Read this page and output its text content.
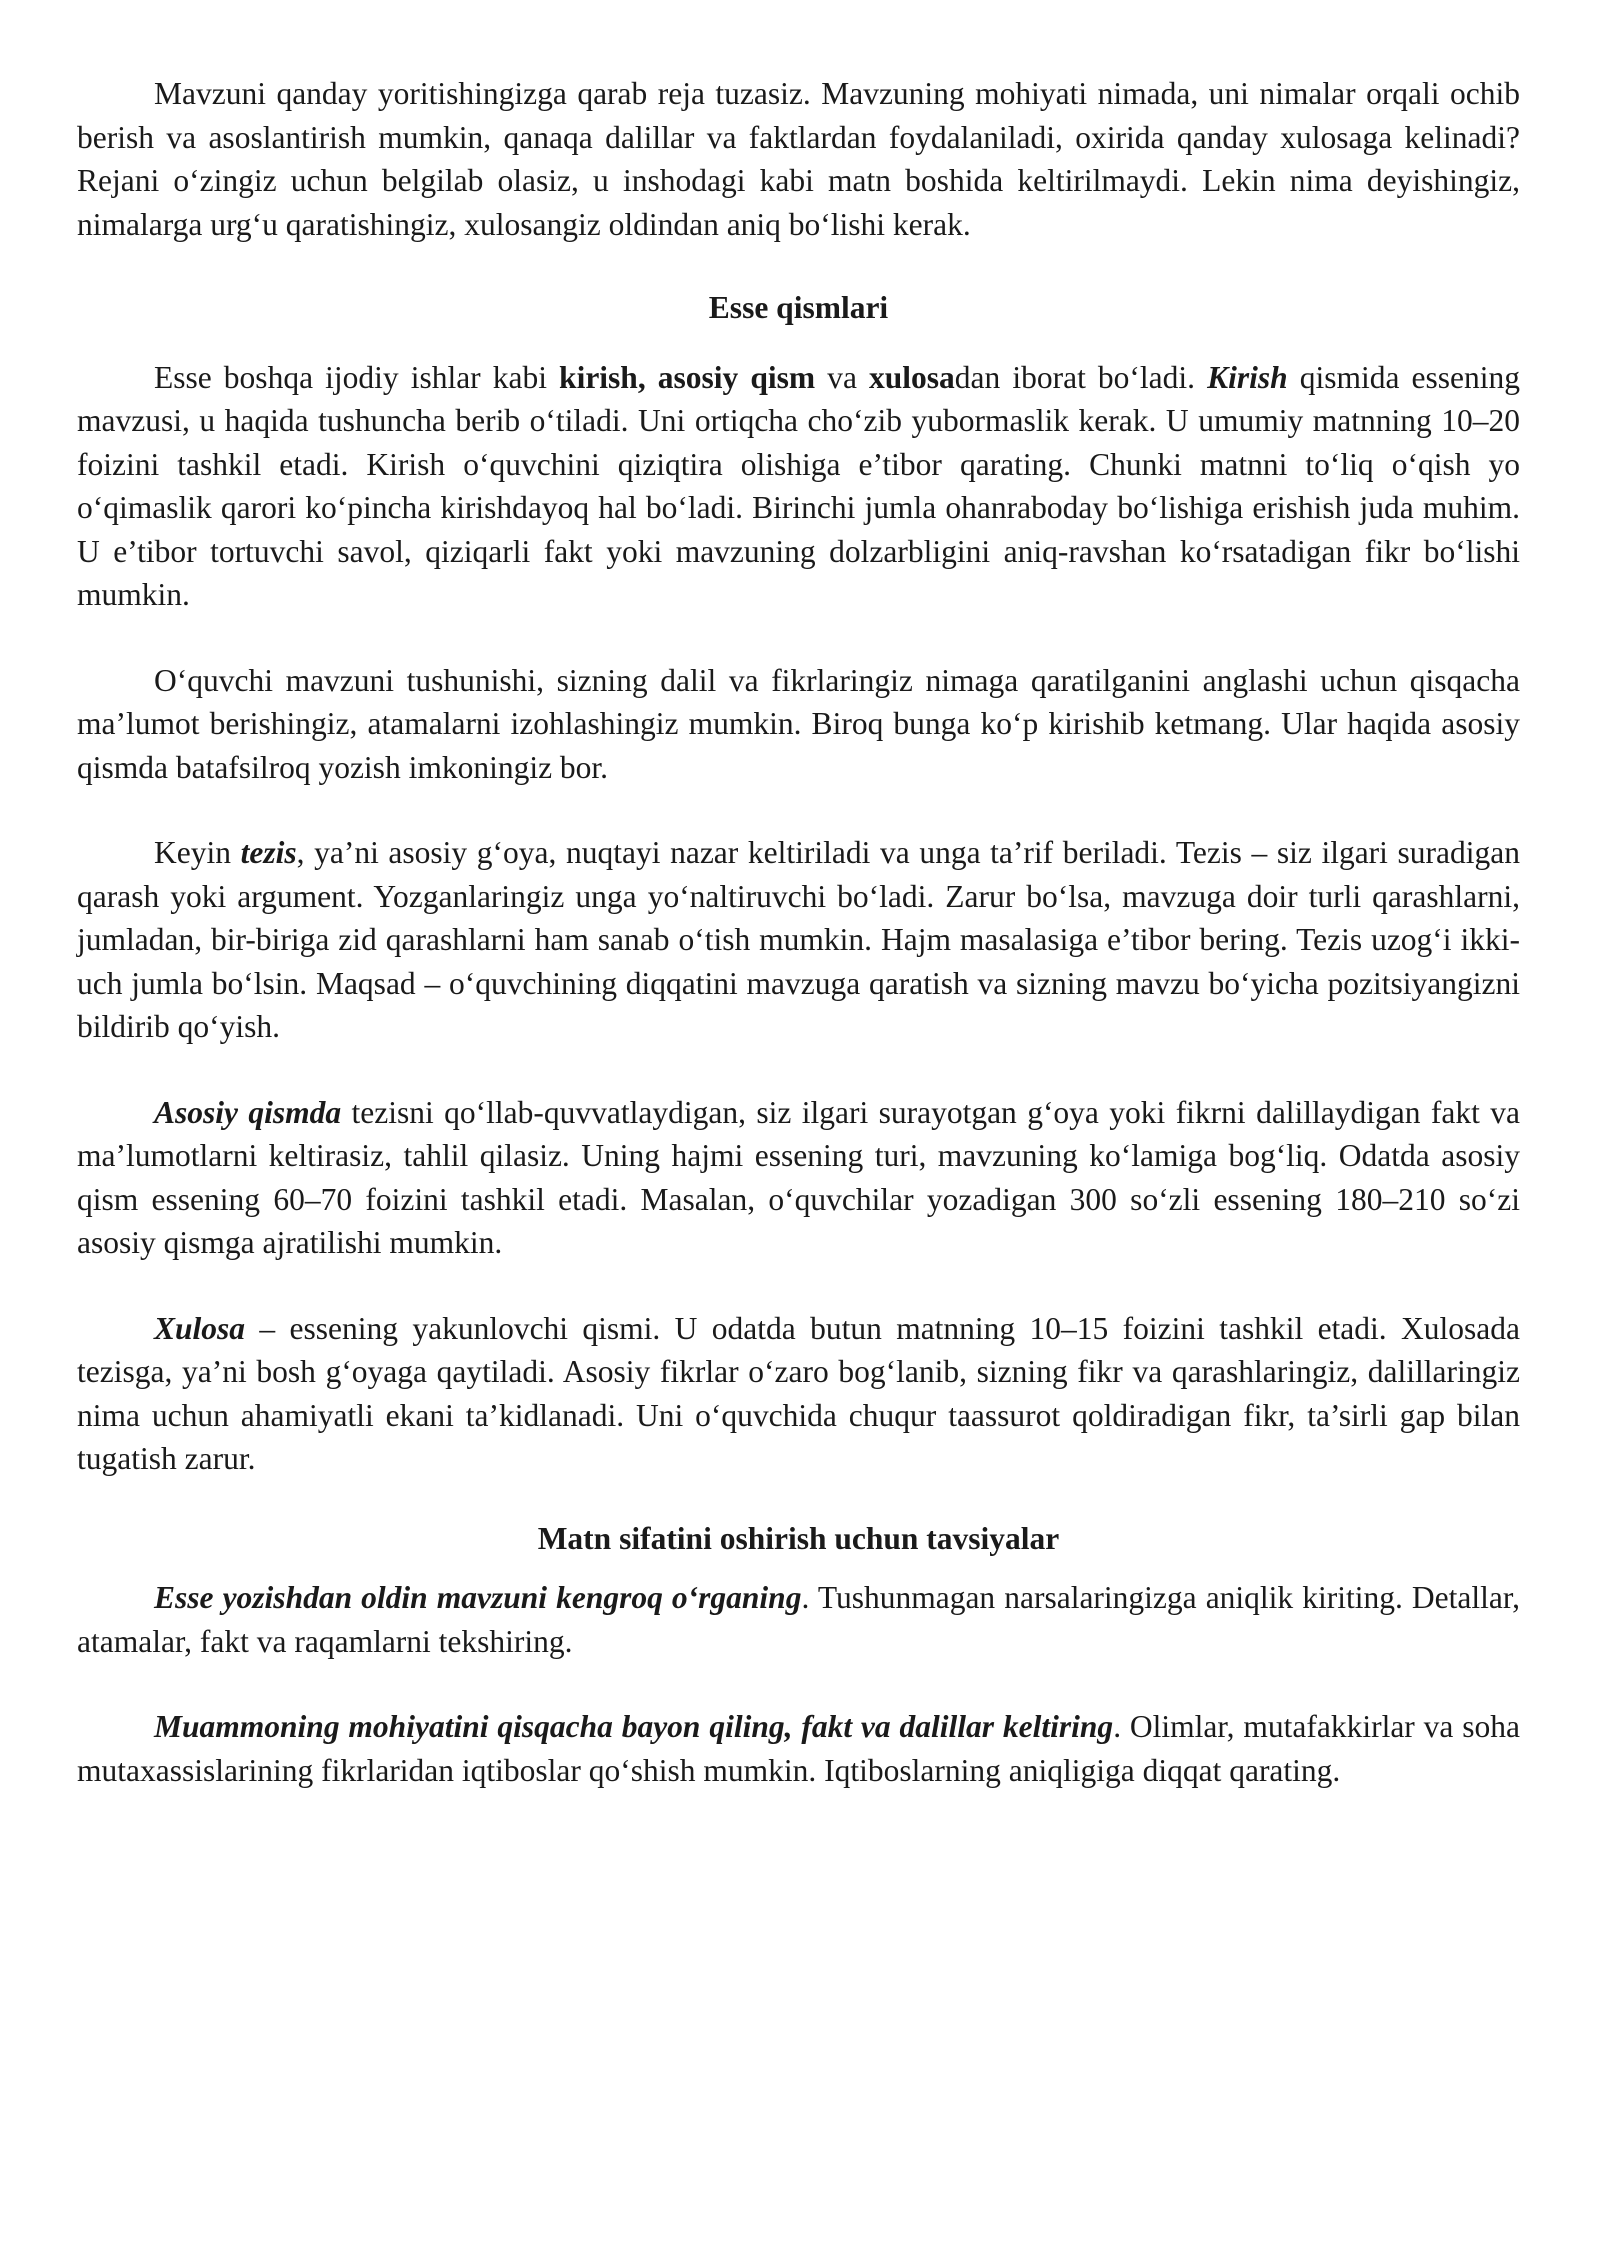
Mavzuni qanday yoritishingizga qarab reja tuzasiz. Mavzuning mohiyati nimada, uni nimalar orqali ochib berish va asoslantirish mumkin, qanaqa dalillar va faktlardan foydalaniladi, oxirida qanday xulosaga kelinadi? Rejani o‘zingiz uchun belgilab olasiz, u inshodagi kabi matn boshida keltirilmaydi. Lekin nima deyishingiz, nimalarga urg‘u qaratishingiz, xulosangiz oldindan aniq bo‘lishi kerak.

Esse qismlari

Esse boshqa ijodiy ishlar kabi kirish, asosiy qism va xulosadan iborat bo‘ladi. Kirish qismida essening mavzusi, u haqida tushuncha berib o‘tiladi. Uni ortiqcha cho‘zib yubormaslik kerak. U umumiy matnning 10–20 foizini tashkil etadi. Kirish o‘quvchini qiziqtira olishiga e’tibor qarating. Chunki matnni to‘liq o‘qish yo o‘qimaslik qarori ko‘pincha kirishdayoq hal bo‘ladi. Birinchi jumla ohanraboday bo‘lishiga erishish juda muhim. U e’tibor tortuvchi savol, qiziqarli fakt yoki mavzuning dolzarbligini aniq-ravshan ko‘rsatadigan fikr bo‘lishi mumkin.

O‘quvchi mavzuni tushunishi, sizning dalil va fikrlaringiz nimaga qaratilganini anglashi uchun qisqacha ma’lumot berishingiz, atamalarni izohlashingiz mumkin. Biroq bunga ko‘p kirishib ketmang. Ular haqida asosiy qismda batafsilroq yozish imkoningiz bor.

Keyin tezis, ya’ni asosiy g‘oya, nuqtayi nazar keltiriladi va unga ta’rif beriladi. Tezis – siz ilgari suradigan qarash yoki argument. Yozganlaringiz unga yo‘naltiruvchi bo‘ladi. Zarur bo‘lsa, mavzuga doir turli qarashlarni, jumladan, bir-biriga zid qarashlarni ham sanab o‘tish mumkin. Hajm masalasiga e’tibor bering. Tezis uzog‘i ikki-uch jumla bo‘lsin. Maqsad – o‘quvchining diqqatini mavzuga qaratish va sizning mavzu bo‘yicha pozitsiyangizni bildirib qo‘yish.

Asosiy qismda tezisni qo‘llab-quvvatlaydigan, siz ilgari surayotgan g‘oya yoki fikrni dalillaydigan fakt va ma’lumotlarni keltirasiz, tahlil qilasiz. Uning hajmi essening turi, mavzuning ko‘lamiga bog‘liq. Odatda asosiy qism essening 60–70 foizini tashkil etadi. Masalan, o‘quvchilar yozadigan 300 so‘zli essening 180–210 so‘zi asosiy qismga ajratilishi mumkin.

Xulosa – essening yakunlovchi qismi. U odatda butun matnning 10–15 foizini tashkil etadi. Xulosada tezisga, ya’ni bosh g‘oyaga qaytiladi. Asosiy fikrlar o‘zaro bog‘lanib, sizning fikr va qarashlaringiz, dalillaringiz nima uchun ahamiyatli ekani ta’kidlanadi. Uni o‘quvchida chuqur taassurot qoldiradigan fikr, ta’sirli gap bilan tugatish zarur.

Matn sifatini oshirish uchun tavsiyalar

Esse yozishdan oldin mavzuni kengroq o‘rganing. Tushunmagan narsalaringizga aniqlik kiriting. Detallar, atamalar, fakt va raqamlarni tekshiring.

Muammoning mohiyatini qisqacha bayon qiling, fakt va dalillar keltiring. Olimlar, mutafakkirlar va soha mutaxassislarining fikrlaridan iqtiboslar qo‘shish mumkin. Iqtiboslarning aniqligiga diqqat qarating.
